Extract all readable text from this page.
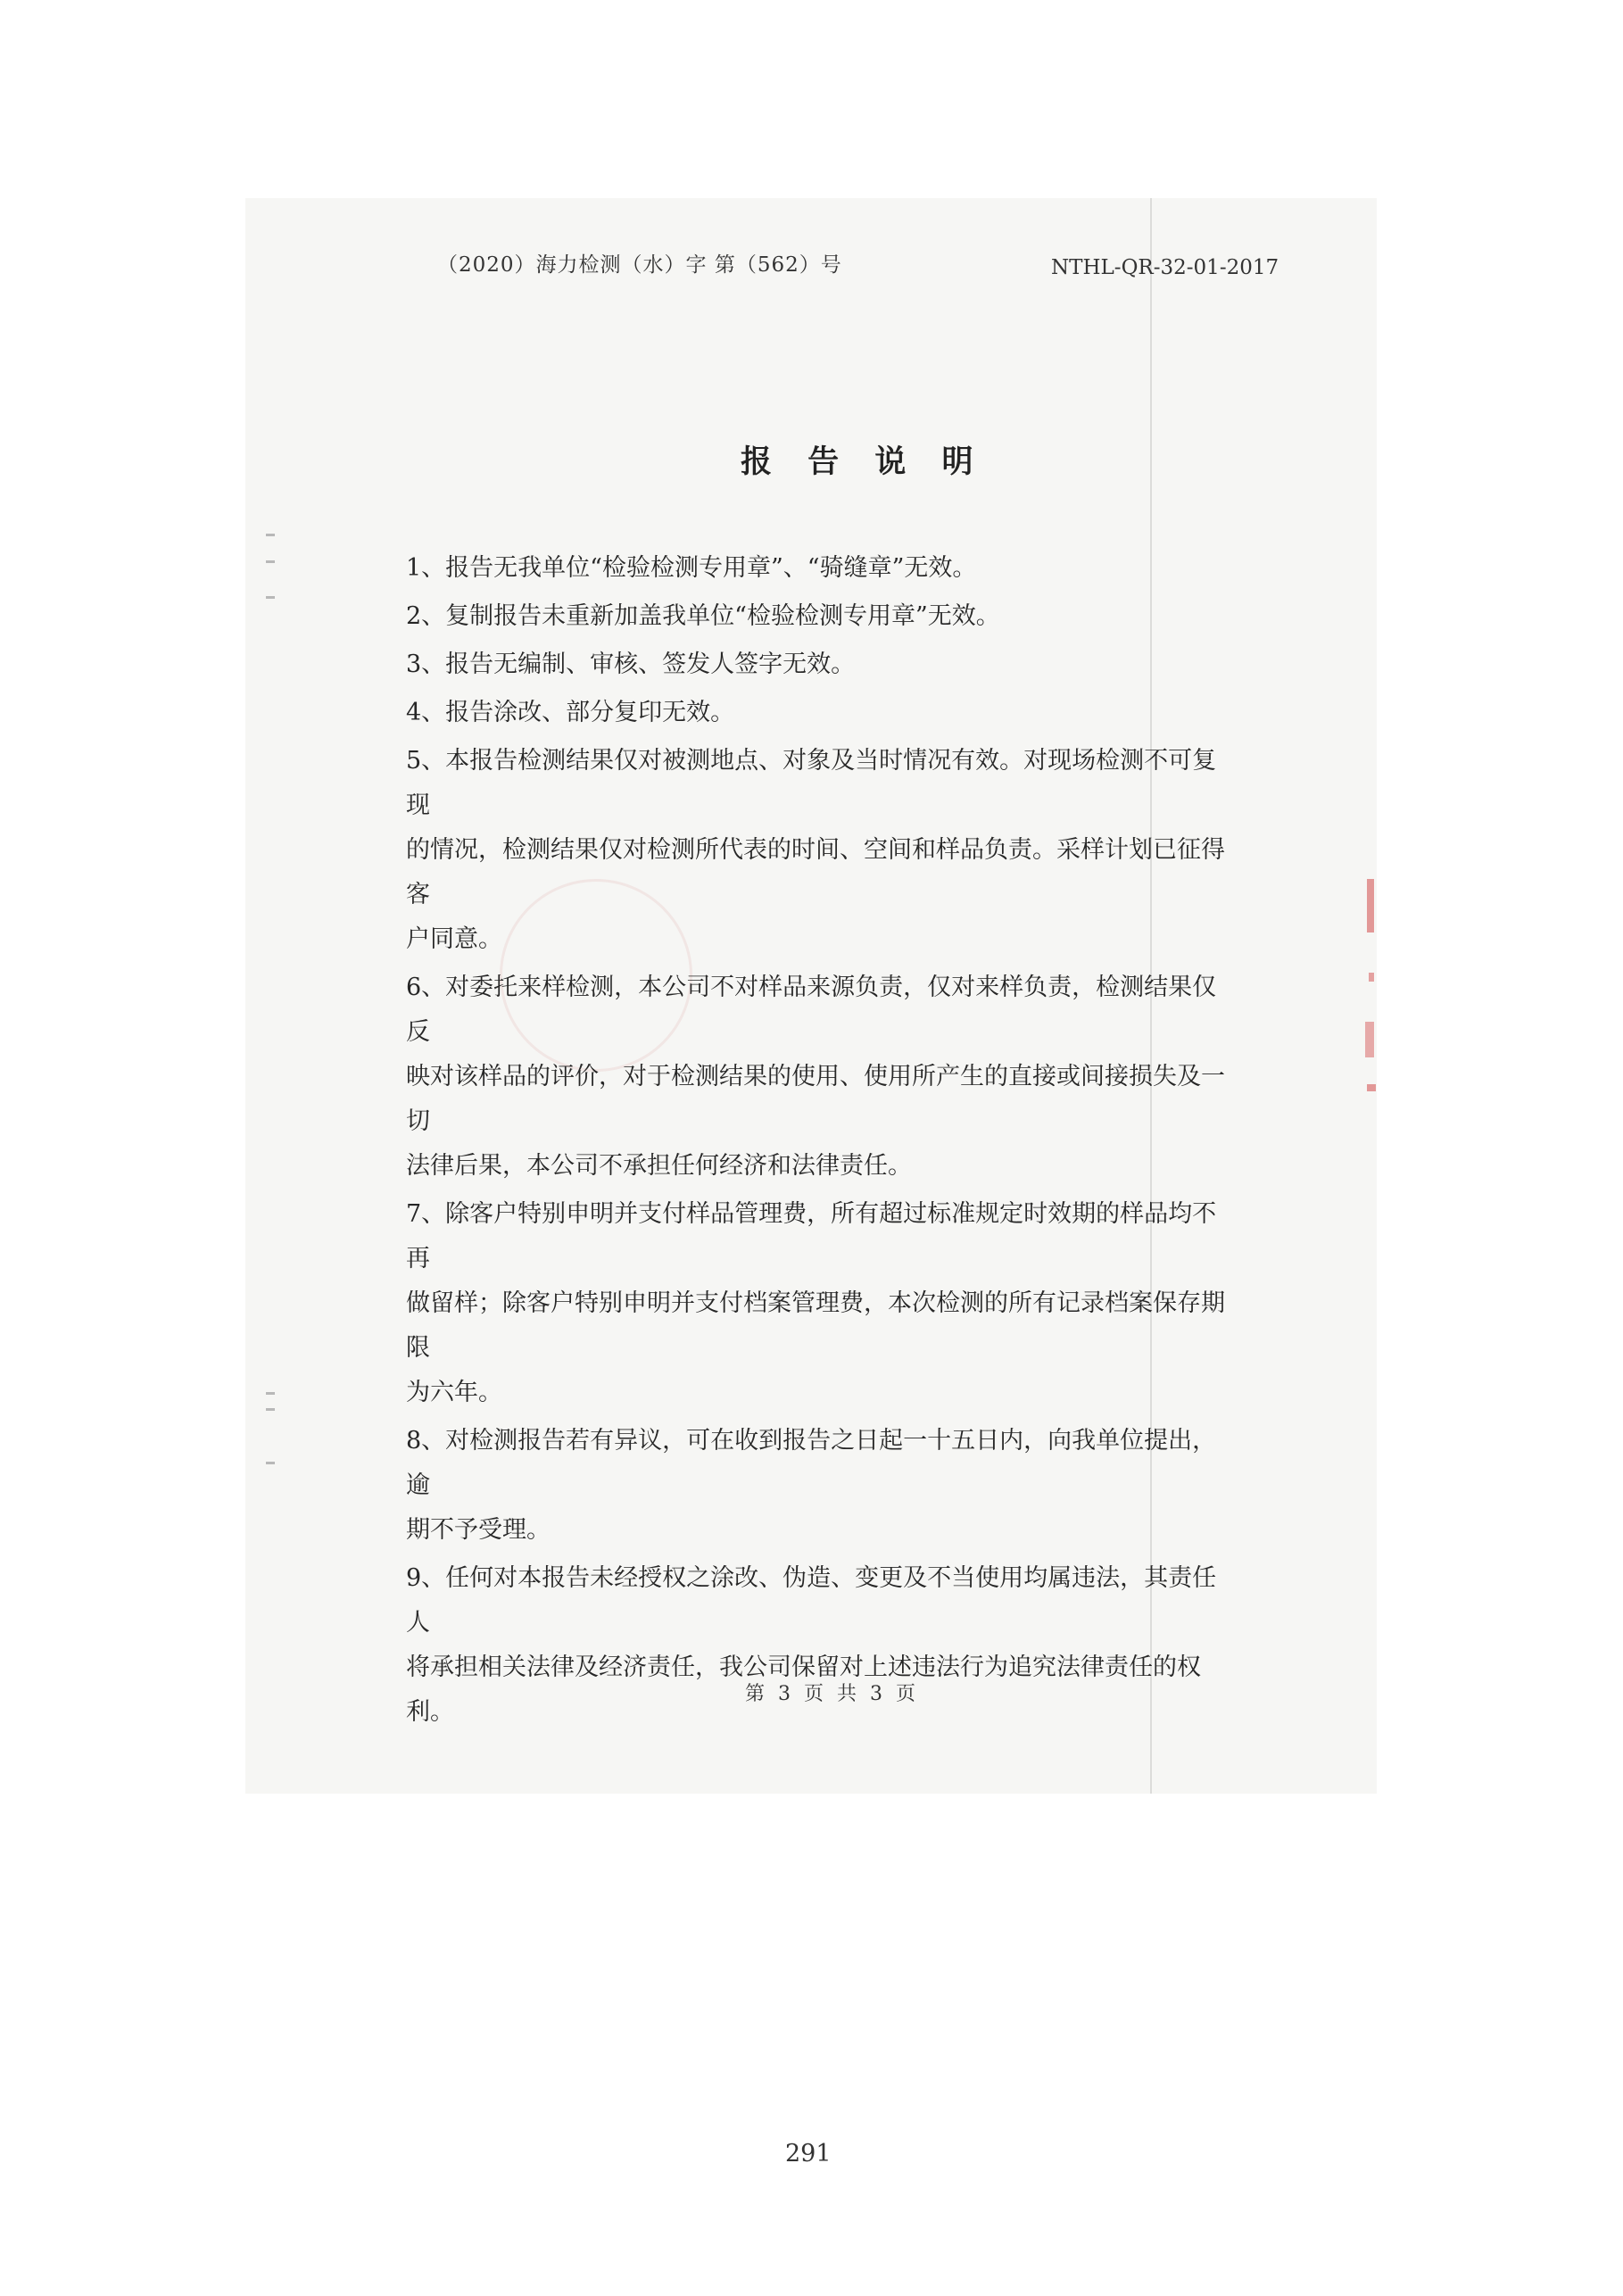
（2020）海力检测（水）字 第（562）号	NTHL-QR-32-01-2017
报 告 说 明
1、报告无我单位“检验检测专用章”、“骑缝章”无效。
2、复制报告未重新加盖我单位“检验检测专用章”无效。
3、报告无编制、审核、签发人签字无效。
4、报告涂改、部分复印无效。
5、本报告检测结果仅对被测地点、对象及当时情况有效。对现场检测不可复现
的情况，检测结果仅对检测所代表的时间、空间和样品负责。采样计划已征得客
户同意。
6、对委托来样检测，本公司不对样品来源负责，仅对来样负责，检测结果仅反
映对该样品的评价，对于检测结果的使用、使用所产生的直接或间接损失及一切
法律后果，本公司不承担任何经济和法律责任。
7、除客户特别申明并支付样品管理费，所有超过标准规定时效期的样品均不再
做留样；除客户特别申明并支付档案管理费，本次检测的所有记录档案保存期限
为六年。
8、对检测报告若有异议，可在收到报告之日起一十五日内，向我单位提出，逾
期不予受理。
9、任何对本报告未经授权之涂改、伪造、变更及不当使用均属违法，其责任人
将承担相关法律及经济责任，我公司保留对上述违法行为追究法律责任的权利。
第 3 页 共 3 页
291
